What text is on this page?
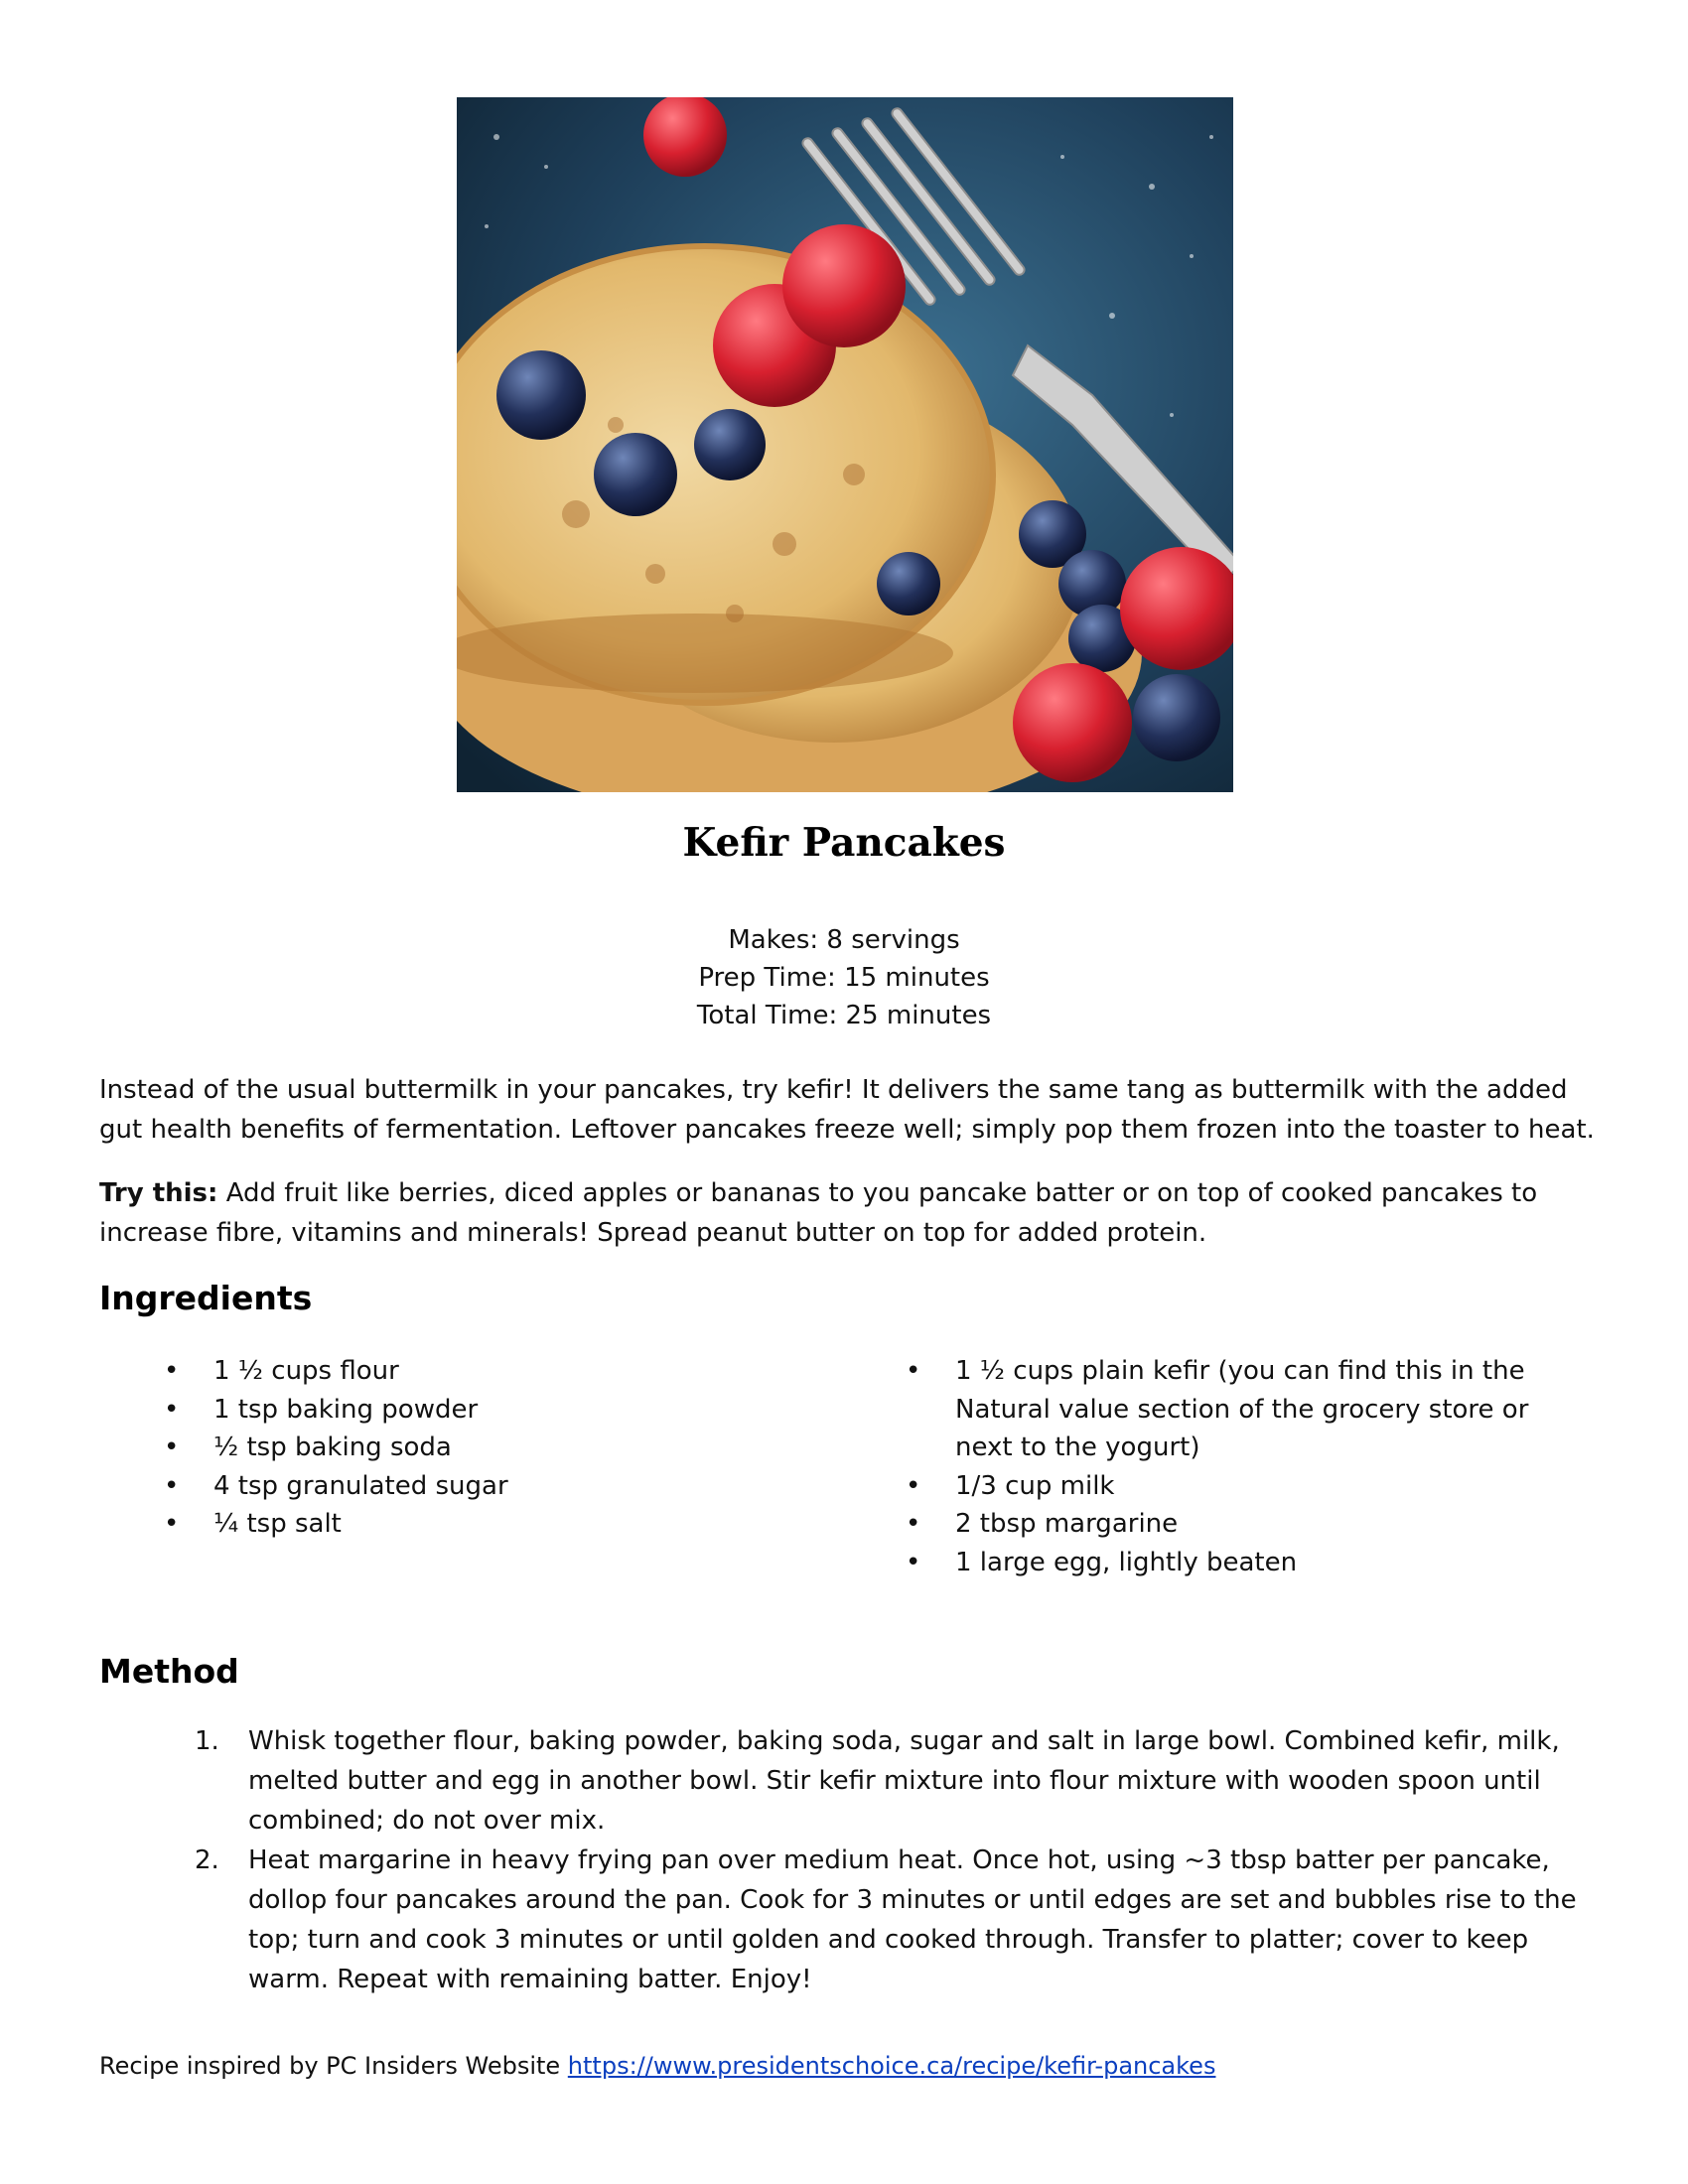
Kefir Pancakes
Makes: 8 servings
Prep Time: 15 minutes
Total Time: 25 minutes

Instead of the usual buttermilk in your pancakes, try kefir! It delivers the same tang as buttermilk with the added gut health benefits of fermentation. Leftover pancakes freeze well; simply pop them frozen into the toaster to heat.

Try this: Add fruit like berries, diced apples or bananas to you pancake batter or on top of cooked pancakes to increase fibre, vitamins and minerals! Spread peanut butter on top for added protein.

Ingredients
• 1 ½ cups flour
• 1 tsp baking powder
• ½ tsp baking soda
• 4 tsp granulated sugar
• ¼ tsp salt
• 1 ½ cups plain kefir (you can find this in the Natural value section of the grocery store or next to the yogurt)
• 1/3 cup milk
• 2 tbsp margarine
• 1 large egg, lightly beaten
Method
1. Whisk together flour, baking powder, baking soda, sugar and salt in large bowl. Combined kefir, milk, melted butter and egg in another bowl. Stir kefir mixture into flour mixture with wooden spoon until combined; do not over mix.
2. Heat margarine in heavy frying pan over medium heat. Once hot, using ~3 tbsp batter per pancake, dollop four pancakes around the pan. Cook for 3 minutes or until edges are set and bubbles rise to the top; turn and cook 3 minutes or until golden and cooked through. Transfer to platter; cover to keep warm. Repeat with remaining batter. Enjoy!
Recipe inspired by PC Insiders Website https://www.presidentschoice.ca/recipe/kefir-pancakes
